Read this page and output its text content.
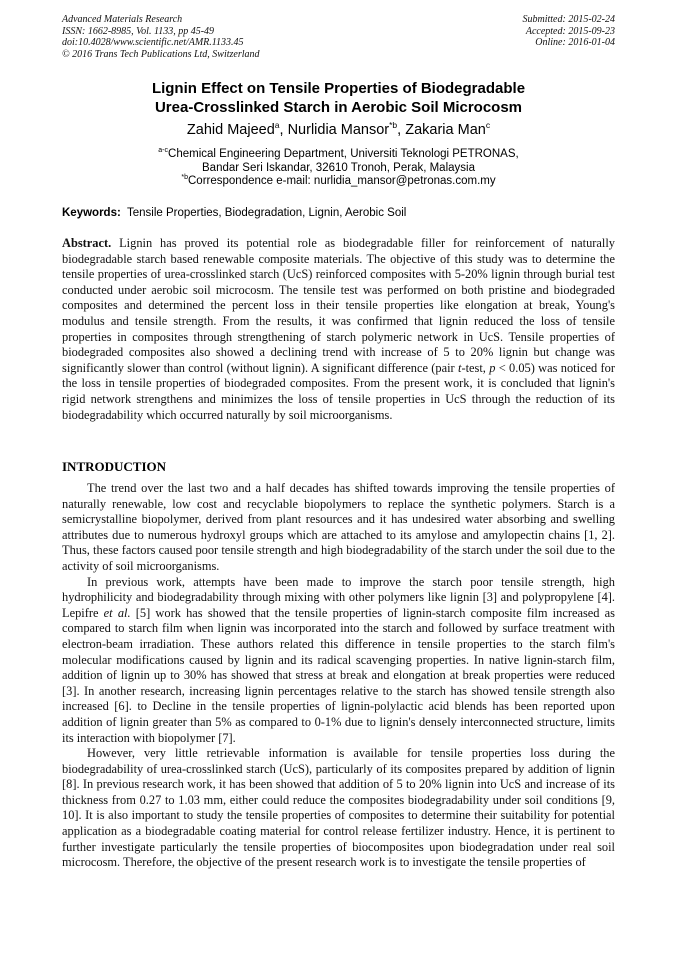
Advanced Materials Research
ISSN: 1662-8985, Vol. 1133, pp 45-49
doi:10.4028/www.scientific.net/AMR.1133.45
© 2016 Trans Tech Publications Ltd, Switzerland
Submitted: 2015-02-24
Accepted: 2015-09-23
Online: 2016-01-04
Lignin Effect on Tensile Properties of Biodegradable
Urea-Crosslinked Starch in Aerobic Soil Microcosm
Zahid Majeed$^a$, Nurlidia Mansor$^{*b}$, Zakaria Man$^c$
$^{a-c}$Chemical Engineering Department, Universiti Teknologi PETRONAS,
Bandar Seri Iskandar, 32610 Tronoh, Perak, Malaysia
$^{*b}$Correspondence e-mail: nurlidia_mansor@petronas.com.my
Keywords: Tensile Properties, Biodegradation, Lignin, Aerobic Soil
Abstract. Lignin has proved its potential role as biodegradable filler for reinforcement of naturally biodegradable starch based renewable composite materials. The objective of this study was to determine the tensile properties of urea-crosslinked starch (UcS) reinforced composites with 5-20% lignin through burial test conducted under aerobic soil microcosm. The tensile test was performed on both pristine and biodegraded composites and determined the percent loss in their tensile properties like elongation at break, Young's modulus and tensile strength. From the results, it was confirmed that lignin reduced the loss of tensile properties in composites through strengthening of starch polymeric network in UcS. Tensile properties of biodegraded composites also showed a declining trend with increase of 5 to 20% lignin but change was significantly slower than control (without lignin). A significant difference (pair t-test, p < 0.05) was noticed for the loss in tensile properties of biodegraded composites. From the present work, it is concluded that lignin's rigid network strengthens and minimizes the loss of tensile properties in UcS through the reduction of its biodegradability which occurred naturally by soil microorganisms.
INTRODUCTION

The trend over the last two and a half decades has shifted towards improving the tensile properties of naturally renewable, low cost and recyclable biopolymers to replace the synthetic polymers. Starch is a semicrystalline biopolymer, derived from plant resources and it has undesired water absorbing and swelling attributes due to numerous hydroxyl groups which are attached to its amylose and amylopectin chains [1, 2]. Thus, these factors caused poor tensile strength and high biodegradability of the starch under the soil due to the activity of soil microorganisms.

In previous work, attempts have been made to improve the starch poor tensile strength, high hydrophilicity and biodegradability through mixing with other polymers like lignin [3] and polypropylene [4]. Lepifre et al. [5] work has showed that the tensile properties of lignin-starch composite film increased as compared to starch film when lignin was incorporated into the starch and followed by surface treatment with electron-beam irradiation. These authors related this difference in tensile properties to the starch film's molecular modifications caused by lignin and its radical scavenging properties. In native lignin-starch film, addition of lignin up to 30% has showed that stress at break and elongation at break properties were reduced [3]. In another research, increasing lignin percentages relative to the starch has showed tensile strength also increased [6]. to Decline in the tensile properties of lignin-polylactic acid blends has been reported upon addition of lignin greater than 5% as compared to 0-1% due to lignin's densely interconnected structure, limits its interaction with biopolymer [7].

However, very little retrievable information is available for tensile properties loss during the biodegradability of urea-crosslinked starch (UcS), particularly of its composites prepared by addition of lignin [8]. In previous research work, it has been showed that addition of 5 to 20% lignin into UcS and increase of its thickness from 0.27 to 1.03 mm, either could reduce the composites biodegradability under soil conditions [9, 10]. It is also important to study the tensile properties of composites to determine their suitability for potential application as a biodegradable coating material for control release fertilizer industry. Hence, it is pertinent to further investigate particularly the tensile properties of biocomposites upon biodegradation under real soil microcosm. Therefore, the objective of the present research work is to investigate the tensile properties of
